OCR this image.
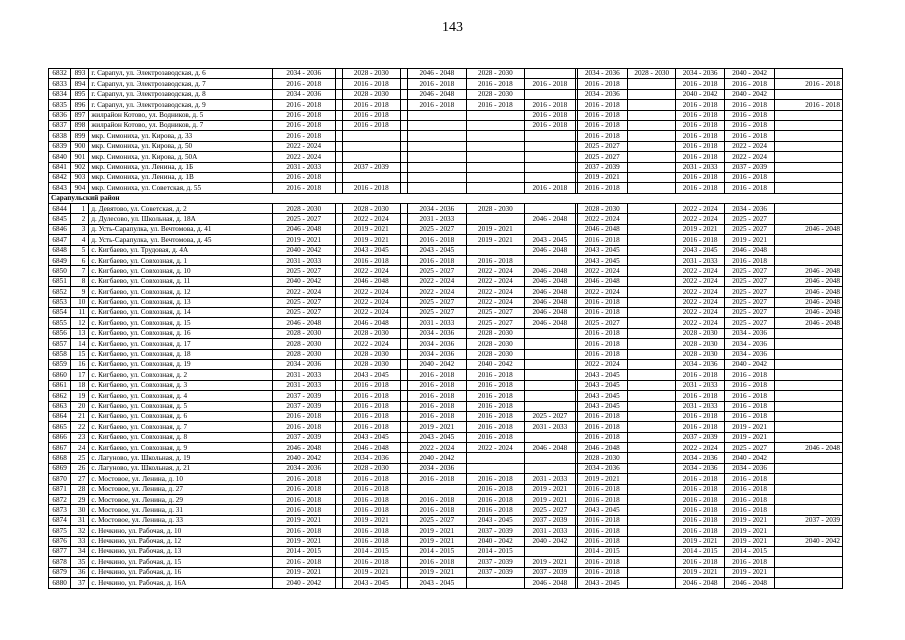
143
6832	893	г. Сарапул, ул. Электрозаводская, д. 6	2034 - 2036		2028 - 2030		2046 - 2048	2028 - 2030			2034 - 2036	2028 - 2030	2034 - 2036	2040 - 2042	
6833	894	г. Сарапул, ул. Электрозаводская, д. 7	2016 - 2018		2016 - 2018		2016 - 2018	2016 - 2018	2016 - 2018		2016 - 2018		2016 - 2018	2016 - 2018	2016 - 2018
6834	895	г. Сарапул, ул. Электрозаводская, д. 8	2034 - 2036		2028 - 2030		2046 - 2048	2028 - 2030			2034 - 2036		2040 - 2042	2040 - 2042	
6835	896	г. Сарапул, ул. Электрозаводская, д. 9	2016 - 2018		2016 - 2018		2016 - 2018	2016 - 2018	2016 - 2018		2016 - 2018		2016 - 2018	2016 - 2018	2016 - 2018
6836	897	жилрайон Котово, ул. Водников, д. 5	2016 - 2018		2016 - 2018				2016 - 2018		2016 - 2018		2016 - 2018	2016 - 2018	
6837	898	жилрайон Котово, ул. Водников, д. 7	2016 - 2018		2016 - 2018				2016 - 2018		2016 - 2018		2016 - 2018	2016 - 2018	
6838	899	мкр. Симониха, ул. Кирова, д. 33	2016 - 2018								2016 - 2018		2016 - 2018	2016 - 2018	
6839	900	мкр. Симониха, ул. Кирова, д. 50	2022 - 2024								2025 - 2027		2016 - 2018	2022 - 2024	
6840	901	мкр. Симониха, ул. Кирова, д. 50А	2022 - 2024								2025 - 2027		2016 - 2018	2022 - 2024	
6841	902	мкр. Симониха, ул. Ленина, д. 1Б	2031 - 2033		2037 - 2039						2037 - 2039		2031 - 2033	2037 - 2039	
6842	903	мкр. Симониха, ул. Ленина, д. 1В	2016 - 2018								2019 - 2021		2016 - 2018	2016 - 2018	
6843	904	мкр. Симониха, ул. Советская, д. 55	2016 - 2018		2016 - 2018				2016 - 2018		2016 - 2018		2016 - 2018	2016 - 2018	
Сарапульский район															
6844	1	д. Девятово, ул. Советская, д. 2	2028 - 2030		2028 - 2030		2034 - 2036	2028 - 2030			2028 - 2030		2022 - 2024	2034 - 2036	
6845	2	д. Дулесово, ул. Школьная, д. 18А	2025 - 2027		2022 - 2024		2031 - 2033		2046 - 2048		2022 - 2024		2022 - 2024	2025 - 2027	
6846	3	д. Усть-Сарапулка, ул. Вечтомова, д. 41	2046 - 2048		2019 - 2021		2025 - 2027	2019 - 2021			2046 - 2048		2019 - 2021	2025 - 2027	2046 - 2048
6847	4	д. Усть-Сарапулка, ул. Вечтомова, д. 45	2019 - 2021		2019 - 2021		2016 - 2018	2019 - 2021	2043 - 2045		2016 - 2018		2016 - 2018	2019 - 2021	
6848	5	с. Кигбаево, ул. Трудовая, д. 4А	2040 - 2042		2043 - 2045		2043 - 2045		2046 - 2048		2043 - 2045		2043 - 2045	2046 - 2048	
6849	6	с. Кигбаево, ул. Совхозная, д. 1	2031 - 2033		2016 - 2018		2016 - 2018	2016 - 2018			2043 - 2045		2031 - 2033	2016 - 2018	
6850	7	с. Кигбаево, ул. Совхозная, д. 10	2025 - 2027		2022 - 2024		2025 - 2027	2022 - 2024	2046 - 2048		2022 - 2024		2022 - 2024	2025 - 2027	2046 - 2048
6851	8	с. Кигбаево, ул. Совхозная, д. 11	2040 - 2042		2046 - 2048		2022 - 2024	2022 - 2024	2046 - 2048		2046 - 2048		2022 - 2024	2025 - 2027	2046 - 2048
6852	9	с. Кигбаево, ул. Совхозная, д. 12	2022 - 2024		2022 - 2024		2022 - 2024	2022 - 2024	2046 - 2048		2022 - 2024		2022 - 2024	2025 - 2027	2046 - 2048
6853	10	с. Кигбаево, ул. Совхозная, д. 13	2025 - 2027		2022 - 2024		2025 - 2027	2022 - 2024	2046 - 2048		2016 - 2018		2022 - 2024	2025 - 2027	2046 - 2048
6854	11	с. Кигбаево, ул. Совхозная, д. 14	2025 - 2027		2022 - 2024		2025 - 2027	2025 - 2027	2046 - 2048		2016 - 2018		2022 - 2024	2025 - 2027	2046 - 2048
6855	12	с. Кигбаево, ул. Совхозная, д. 15	2046 - 2048		2046 - 2048		2031 - 2033	2025 - 2027	2046 - 2048		2025 - 2027		2022 - 2024	2025 - 2027	2046 - 2048
6856	13	с. Кигбаево, ул. Совхозная, д. 16	2028 - 2030		2028 - 2030		2034 - 2036	2028 - 2030			2016 - 2018		2028 - 2030	2034 - 2036	
6857	14	с. Кигбаево, ул. Совхозная, д. 17	2028 - 2030		2022 - 2024		2034 - 2036	2028 - 2030			2016 - 2018		2028 - 2030	2034 - 2036	
6858	15	с. Кигбаево, ул. Совхозная, д. 18	2028 - 2030		2028 - 2030		2034 - 2036	2028 - 2030			2016 - 2018		2028 - 2030	2034 - 2036	
6859	16	с. Кигбаево, ул. Совхозная, д. 19	2034 - 2036		2028 - 2030		2040 - 2042	2040 - 2042			2022 - 2024		2034 - 2036	2040 - 2042	
6860	17	с. Кигбаево, ул. Совхозная, д. 2	2031 - 2033		2043 - 2045		2016 - 2018	2016 - 2018			2043 - 2045		2016 - 2018	2016 - 2018	
6861	18	с. Кигбаево, ул. Совхозная, д. 3	2031 - 2033		2016 - 2018		2016 - 2018	2016 - 2018			2043 - 2045		2031 - 2033	2016 - 2018	
6862	19	с. Кигбаево, ул. Совхозная, д. 4	2037 - 2039		2016 - 2018		2016 - 2018	2016 - 2018			2043 - 2045		2016 - 2018	2016 - 2018	
6863	20	с. Кигбаево, ул. Совхозная, д. 5	2037 - 2039		2016 - 2018		2016 - 2018	2016 - 2018			2043 - 2045		2031 - 2033	2016 - 2018	
6864	21	с. Кигбаево, ул. Совхозная, д. 6	2016 - 2018		2016 - 2018		2016 - 2018	2016 - 2018	2025 - 2027		2016 - 2018		2016 - 2018	2016 - 2018	
6865	22	с. Кигбаево, ул. Совхозная, д. 7	2016 - 2018		2016 - 2018		2019 - 2021	2016 - 2018	2031 - 2033		2016 - 2018		2016 - 2018	2019 - 2021	
6866	23	с. Кигбаево, ул. Совхозная, д. 8	2037 - 2039		2043 - 2045		2043 - 2045	2016 - 2018			2016 - 2018		2037 - 2039	2019 - 2021	
6867	24	с. Кигбаево, ул. Совхозная, д. 9	2046 - 2048		2046 - 2048		2022 - 2024	2022 - 2024	2046 - 2048		2046 - 2048		2022 - 2024	2025 - 2027	2046 - 2048
6868	25	с. Лагуново, ул. Школьная, д. 19	2040 - 2042		2034 - 2036		2040 - 2042				2028 - 2030		2034 - 2036	2040 - 2042	
6869	26	с. Лагуново, ул. Школьная, д. 21	2034 - 2036		2028 - 2030		2034 - 2036				2034 - 2036		2034 - 2036	2034 - 2036	
6870	27	с. Мостовое, ул. Ленина, д. 10	2016 - 2018		2016 - 2018		2016 - 2018	2016 - 2018	2031 - 2033		2019 - 2021		2016 - 2018	2016 - 2018	
6871	28	с. Мостовое, ул. Ленина, д. 27	2016 - 2018		2016 - 2018			2016 - 2018	2019 - 2021		2016 - 2018		2016 - 2018	2016 - 2018	
6872	29	с. Мостовое, ул. Ленина, д. 29	2016 - 2018		2016 - 2018		2016 - 2018	2016 - 2018	2019 - 2021		2016 - 2018		2016 - 2018	2016 - 2018	
6873	30	с. Мостовое, ул. Ленина, д. 31	2016 - 2018		2016 - 2018		2016 - 2018	2016 - 2018	2025 - 2027		2043 - 2045		2016 - 2018	2016 - 2018	
6874	31	с. Мостовое, ул. Ленина, д. 33	2019 - 2021		2019 - 2021		2025 - 2027	2043 - 2045	2037 - 2039		2016 - 2018		2016 - 2018	2019 - 2021	2037 - 2039
6875	32	с. Нечкино, ул. Рабочая, д. 10	2016 - 2018		2016 - 2018		2019 - 2021	2037 - 2039	2031 - 2033		2016 - 2018		2016 - 2018	2019 - 2021	
6876	33	с. Нечкино, ул. Рабочая, д. 12	2019 - 2021		2016 - 2018		2019 - 2021	2040 - 2042	2040 - 2042		2016 - 2018		2019 - 2021	2019 - 2021	2040 - 2042
6877	34	с. Нечкино, ул. Рабочая, д. 13	2014 - 2015		2014 - 2015		2014 - 2015	2014 - 2015			2014 - 2015		2014 - 2015	2014 - 2015	
6878	35	с. Нечкино, ул. Рабочая, д. 15	2016 - 2018		2016 - 2018		2016 - 2018	2037 - 2039	2019 - 2021		2016 - 2018		2016 - 2018	2016 - 2018	
6879	36	с. Нечкино, ул. Рабочая, д. 16	2019 - 2021		2019 - 2021		2019 - 2021	2037 - 2039	2037 - 2039		2016 - 2018		2019 - 2021	2019 - 2021	
6880	37	с. Нечкино, ул. Рабочая, д. 16А	2040 - 2042		2043 - 2045		2043 - 2045		2046 - 2048		2043 - 2045		2046 - 2048	2046 - 2048	
